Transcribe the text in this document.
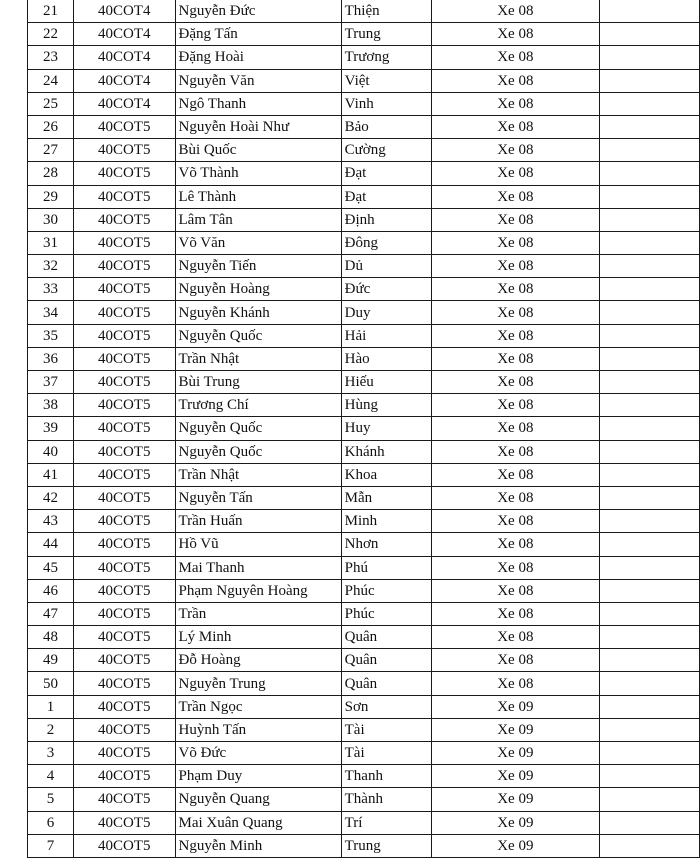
21	40COT4	Nguyễn Đức	Thiện	Xe 08	
22	40COT4	Đặng Tấn	Trung	Xe 08	
23	40COT4	Đặng Hoài	Trương	Xe 08	
24	40COT4	Nguyễn Văn	Việt	Xe 08	
25	40COT4	Ngô Thanh	Vinh	Xe 08	
26	40COT5	Nguyễn Hoài Như	Bảo	Xe 08	
27	40COT5	Bùi Quốc	Cường	Xe 08	
28	40COT5	Võ Thành	Đạt	Xe 08	
29	40COT5	Lê Thành	Đạt	Xe 08	
30	40COT5	Lâm Tân	Định	Xe 08	
31	40COT5	Võ Văn	Đông	Xe 08	
32	40COT5	Nguyễn Tiến	Dủ	Xe 08	
33	40COT5	Nguyễn Hoàng	Đức	Xe 08	
34	40COT5	Nguyễn Khánh	Duy	Xe 08	
35	40COT5	Nguyễn Quốc	Hải	Xe 08	
36	40COT5	Trần Nhật	Hào	Xe 08	
37	40COT5	Bùi Trung	Hiếu	Xe 08	
38	40COT5	Trương Chí	Hùng	Xe 08	
39	40COT5	Nguyễn Quốc	Huy	Xe 08	
40	40COT5	Nguyễn Quốc	Khánh	Xe 08	
41	40COT5	Trần Nhật	Khoa	Xe 08	
42	40COT5	Nguyễn Tấn	Mẫn	Xe 08	
43	40COT5	Trần Huấn	Minh	Xe 08	
44	40COT5	Hồ Vũ	Nhơn	Xe 08	
45	40COT5	Mai Thanh	Phú	Xe 08	
46	40COT5	Phạm Nguyên Hoàng	Phúc	Xe 08	
47	40COT5	Trần	Phúc	Xe 08	
48	40COT5	Lý Minh	Quân	Xe 08	
49	40COT5	Đỗ Hoàng	Quân	Xe 08	
50	40COT5	Nguyễn Trung	Quân	Xe 08	
1	40COT5	Trần Ngọc	Sơn	Xe 09	
2	40COT5	Huỳnh Tấn	Tài	Xe 09	
3	40COT5	Võ Đức	Tài	Xe 09	
4	40COT5	Phạm Duy	Thanh	Xe 09	
5	40COT5	Nguyễn Quang	Thành	Xe 09	
6	40COT5	Mai Xuân Quang	Trí	Xe 09	
7	40COT5	Nguyễn Minh	Trung	Xe 09	
